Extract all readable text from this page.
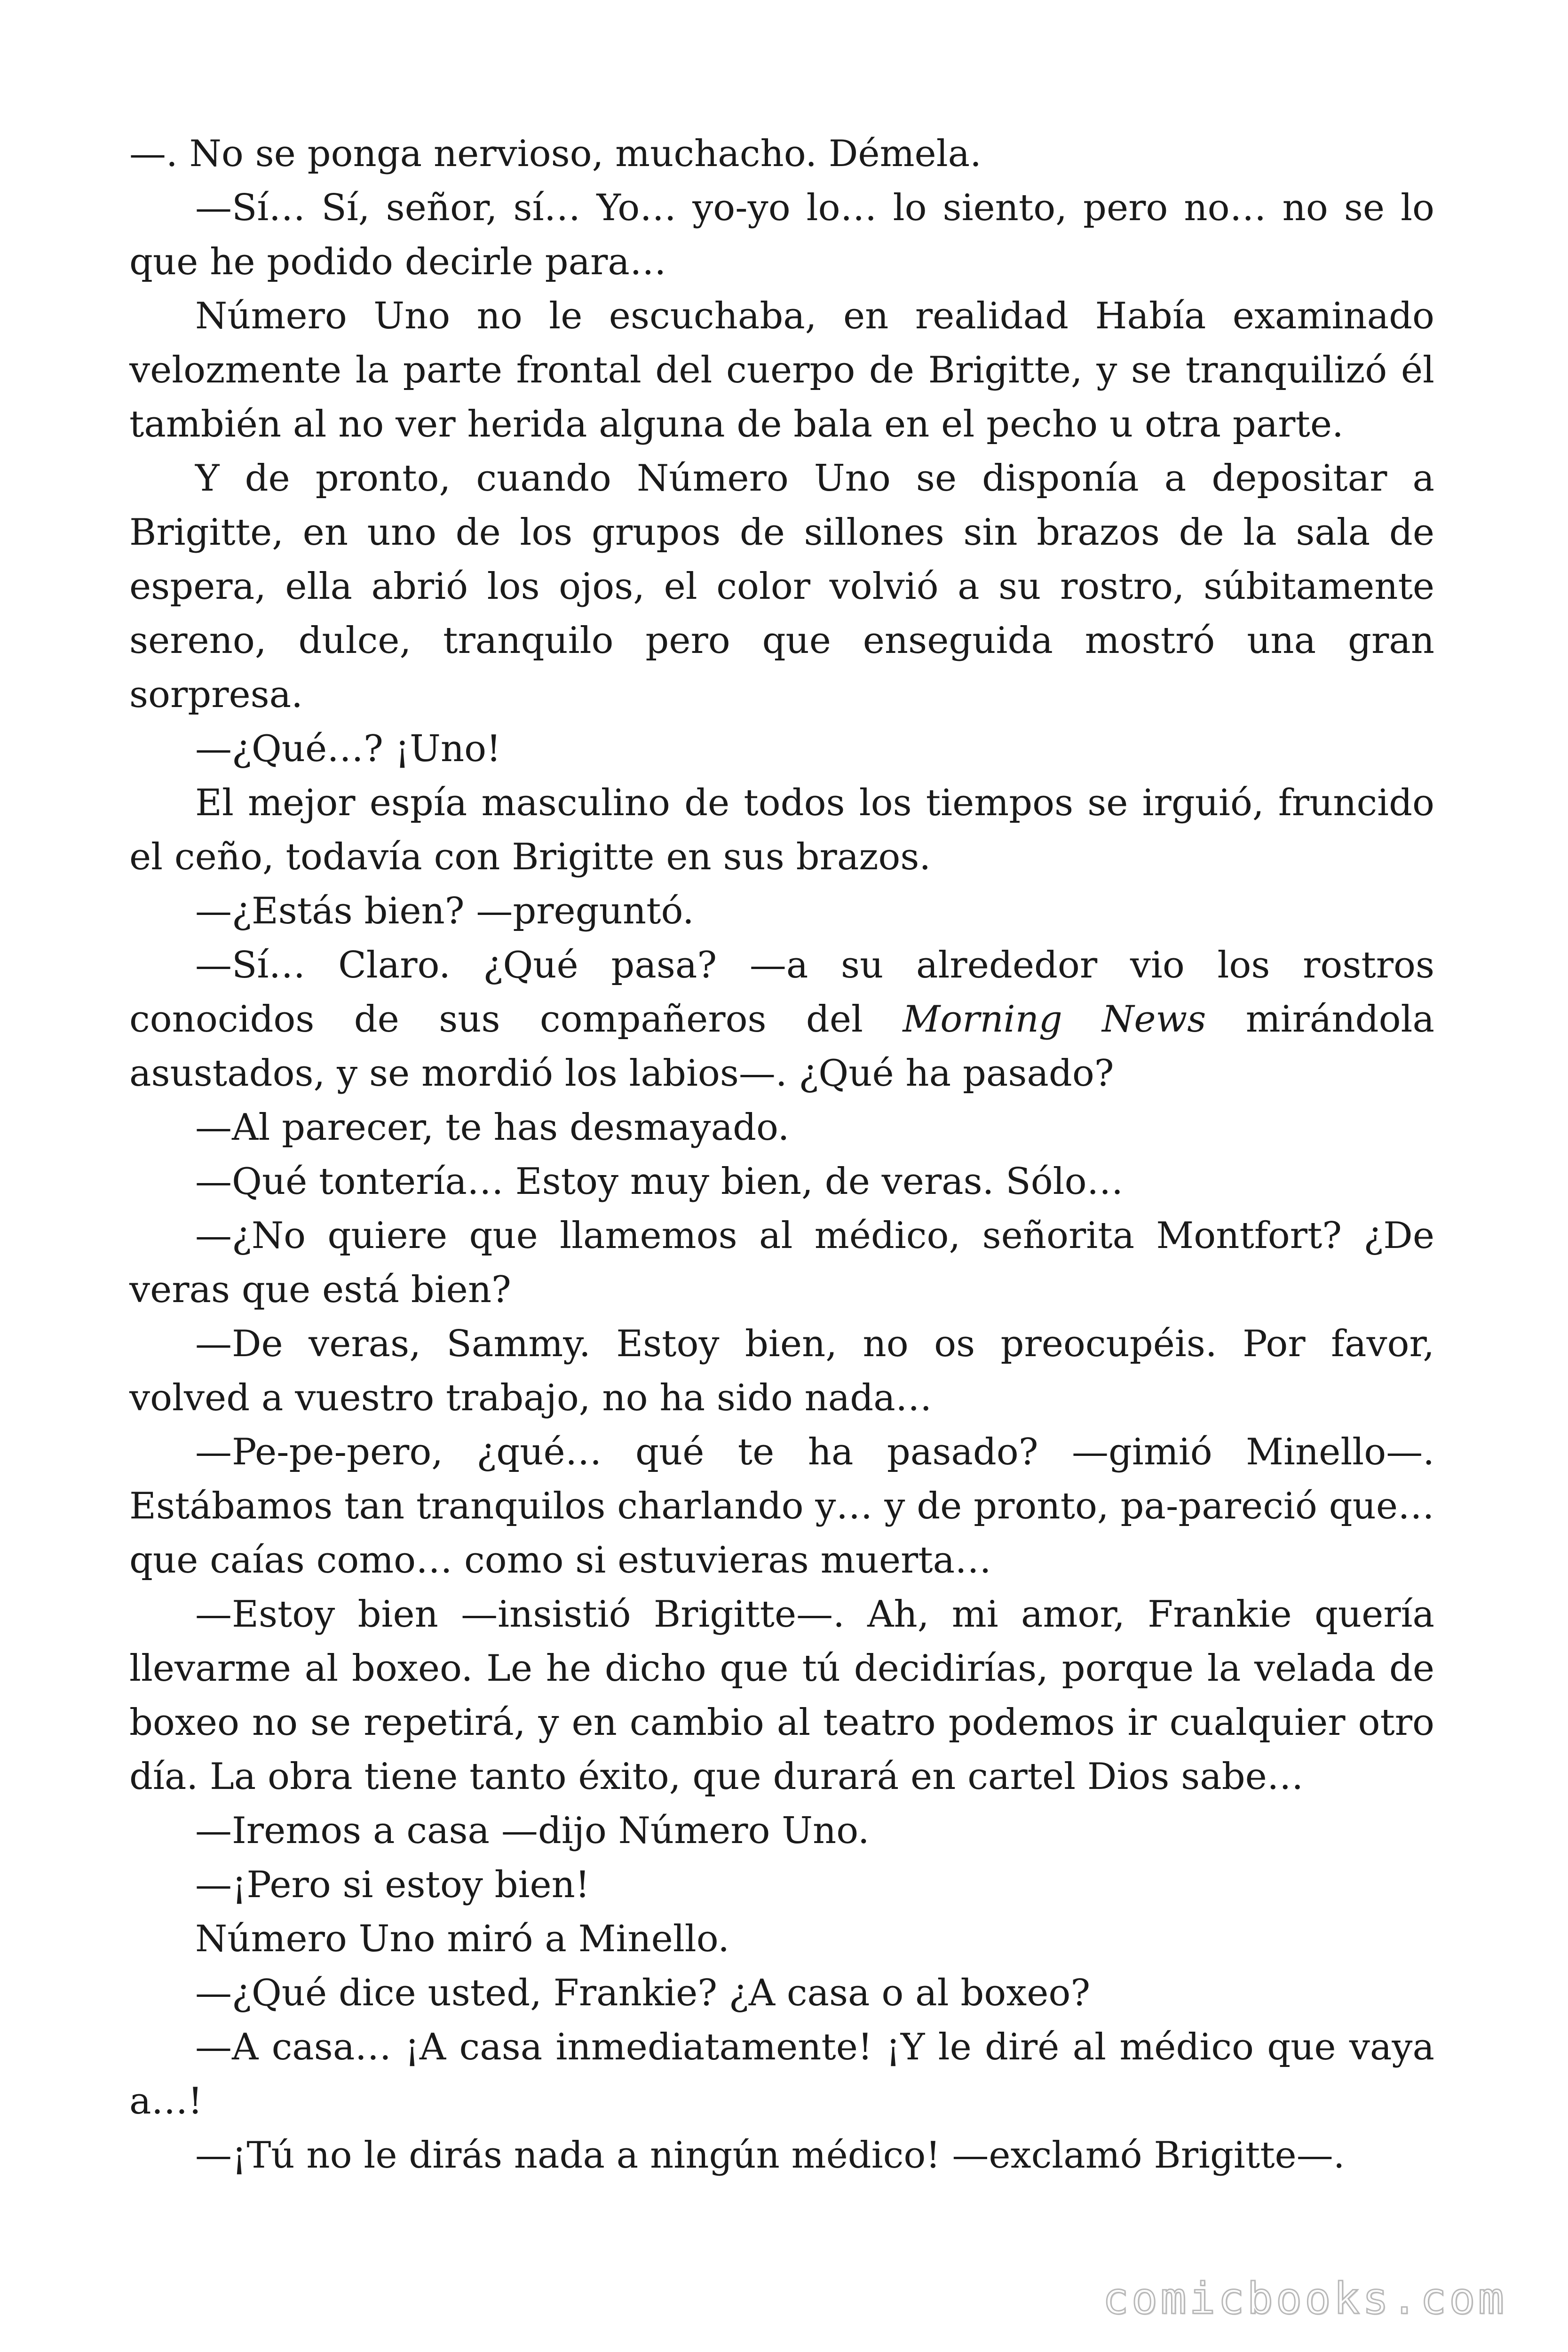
—. No se ponga nervioso, muchacho. Démela.

—Sí… Sí, señor, sí… Yo… yo-yo lo… lo siento, pero no… no se lo que he podido decirle para…

Número Uno no le escuchaba, en realidad Había examinado velozmente la parte frontal del cuerpo de Brigitte, y se tranquilizó él también al no ver herida alguna de bala en el pecho u otra parte.

Y de pronto, cuando Número Uno se disponía a depositar a Brigitte, en uno de los grupos de sillones sin brazos de la sala de espera, ella abrió los ojos, el color volvió a su rostro, súbitamente sereno, dulce, tranquilo pero que enseguida mostró una gran sorpresa.

—¿Qué…? ¡Uno!

El mejor espía masculino de todos los tiempos se irguió, fruncido el ceño, todavía con Brigitte en sus brazos.

—¿Estás bien? —preguntó.

—Sí… Claro. ¿Qué pasa? —a su alrededor vio los rostros conocidos de sus compañeros del Morning News mirándola asustados, y se mordió los labios—. ¿Qué ha pasado?

—Al parecer, te has desmayado.

—Qué tontería… Estoy muy bien, de veras. Sólo…

—¿No quiere que llamemos al médico, señorita Montfort? ¿De veras que está bien?

—De veras, Sammy. Estoy bien, no os preocupéis. Por favor, volved a vuestro trabajo, no ha sido nada…

—Pe-pe-pero, ¿qué… qué te ha pasado? —gimió Minello—. Estábamos tan tranquilos charlando y… y de pronto, pa-pareció que… que caías como… como si estuvieras muerta…

—Estoy bien —insistió Brigitte—. Ah, mi amor, Frankie quería llevarme al boxeo. Le he dicho que tú decidirías, porque la velada de boxeo no se repetirá, y en cambio al teatro podemos ir cualquier otro día. La obra tiene tanto éxito, que durará en cartel Dios sabe…

—Iremos a casa —dijo Número Uno.

—¡Pero si estoy bien!

Número Uno miró a Minello.

—¿Qué dice usted, Frankie? ¿A casa o al boxeo?

—A casa… ¡A casa inmediatamente! ¡Y le diré al médico que vaya a…!

—¡Tú no le dirás nada a ningún médico! —exclamó Brigitte—.

comicbooks.com
